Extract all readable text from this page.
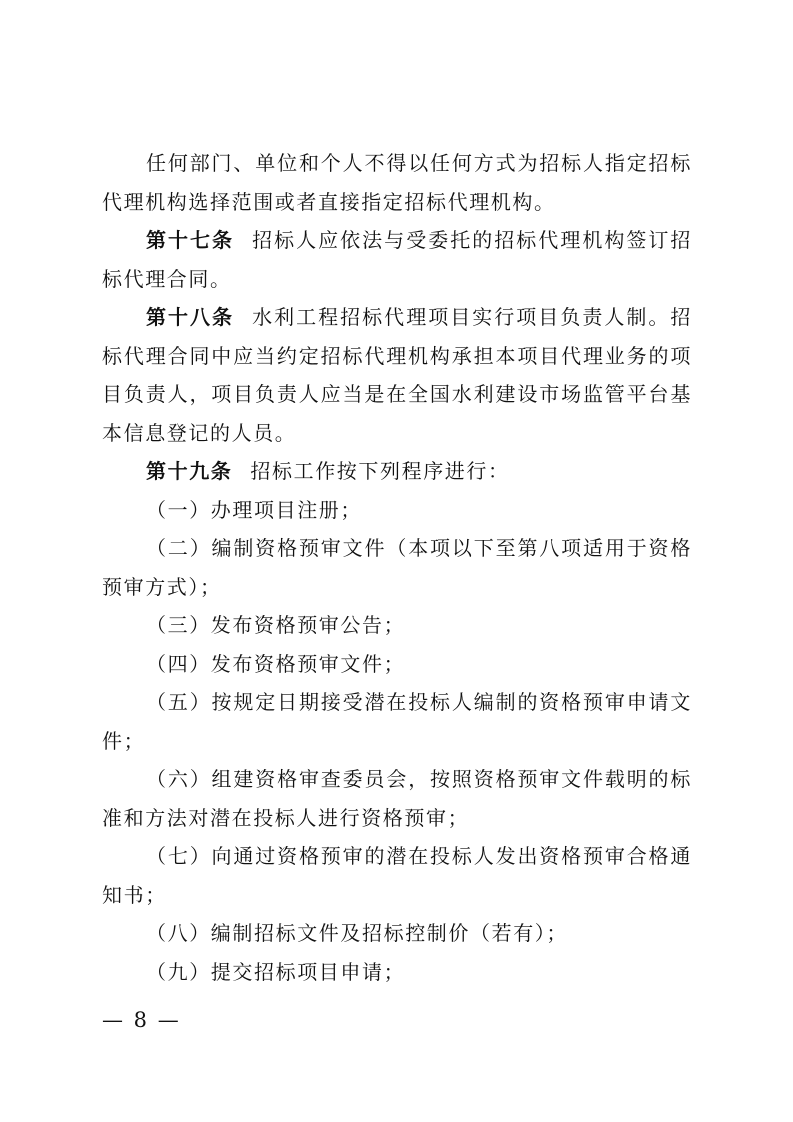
任何部门、单位和个人不得以任何方式为招标人指定招标代理机构选择范围或者直接指定招标代理机构。

第十七条 招标人应依法与受委托的招标代理机构签订招标代理合同。

第十八条 水利工程招标代理项目实行项目负责人制。招标代理合同中应当约定招标代理机构承担本项目代理业务的项目负责人，项目负责人应当是在全国水利建设市场监管平台基本信息登记的人员。

第十九条 招标工作按下列程序进行：

（一）办理项目注册；

（二）编制资格预审文件（本项以下至第八项适用于资格预审方式）；

（三）发布资格预审公告；

（四）发布资格预审文件；

（五）按规定日期接受潜在投标人编制的资格预审申请文件；

（六）组建资格审查委员会，按照资格预审文件载明的标准和方法对潜在投标人进行资格预审；

（七）向通过资格预审的潜在投标人发出资格预审合格通知书；

（八）编制招标文件及招标控制价（若有）；

（九）提交招标项目申请；

— 8 —
